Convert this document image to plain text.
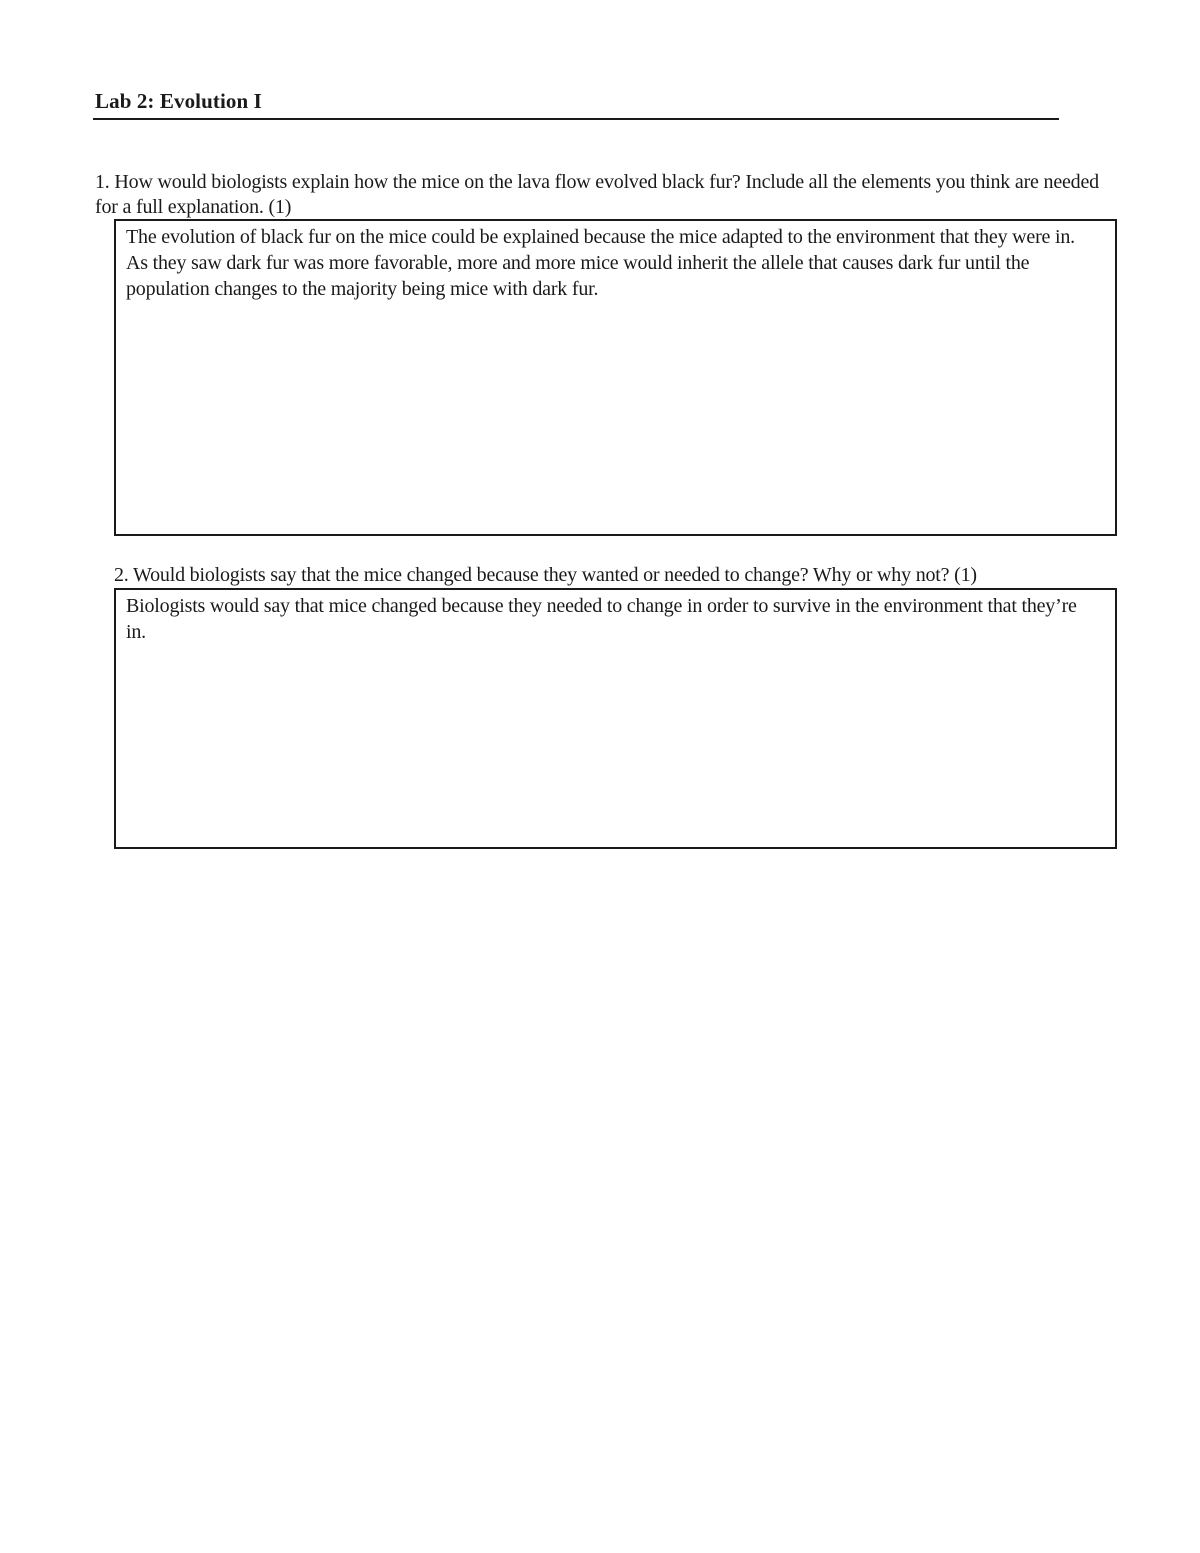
Lab 2: Evolution I
1. How would biologists explain how the mice on the lava flow evolved black fur? Include all the elements you think are needed for a full explanation. (1)
The evolution of black fur on the mice could be explained because the mice adapted to the environment that they were in. As they saw dark fur was more favorable, more and more mice would inherit the allele that causes dark fur until the population changes to the majority being mice with dark fur.
2. Would biologists say that the mice changed because they wanted or needed to change? Why or why not? (1)
Biologists would say that mice changed because they needed to change in order to survive in the environment that they’re in.
